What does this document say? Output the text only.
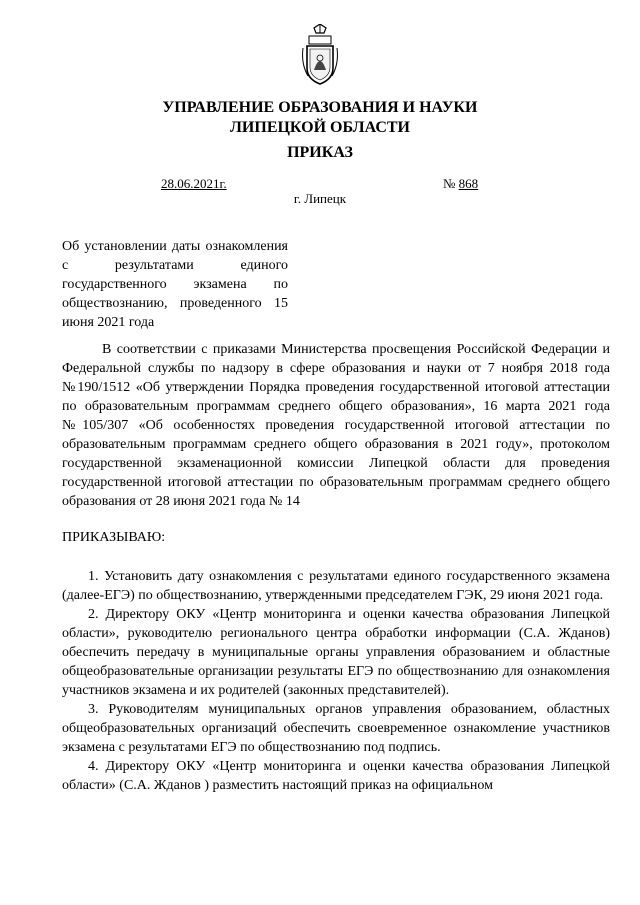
УПРАВЛЕНИЕ ОБРАЗОВАНИЯ И НАУКИ
ЛИПЕЦКОЙ ОБЛАСТИ
ПРИКАЗ
28.06.2021г.	№ 868
г. Липецк
Об установлении даты ознакомления с результатами единого государственного экзамена по обществознанию, проведенного 15 июня 2021 года
В соответствии с приказами Министерства просвещения Российской Федерации и Федеральной службы по надзору в сфере образования и науки от 7 ноября 2018 года №190/1512 «Об утверждении Порядка проведения государственной итоговой аттестации по образовательным программам среднего общего образования», 16 марта 2021 года №105/307 «Об особенностях проведения государственной итоговой аттестации по образовательным программам среднего общего образования в 2021 году», протоколом государственной экзаменационной комиссии Липецкой области для проведения государственной итоговой аттестации по образовательным программам среднего общего образования от 28 июня 2021 года № 14
ПРИКАЗЫВАЮ:

1. Установить дату ознакомления с результатами единого государственного экзамена (далее-ЕГЭ) по обществознанию, утвержденными председателем ГЭК, 29 июня 2021 года.

2. Директору ОКУ «Центр мониторинга и оценки качества образования Липецкой области», руководителю регионального центра обработки информации (С.А. Жданов) обеспечить передачу в муниципальные органы управления образованием и областные общеобразовательные организации результаты ЕГЭ по обществознанию для ознакомления участников экзамена и их родителей (законных представителей).

3. Руководителям муниципальных органов управления образованием, областных общеобразовательных организаций обеспечить своевременное ознакомление участников экзамена с результатами ЕГЭ по обществознанию под подпись.

4. Директору ОКУ «Центр мониторинга и оценки качества образования Липецкой области» (С.А. Жданов ) разместить настоящий приказ на официальном
